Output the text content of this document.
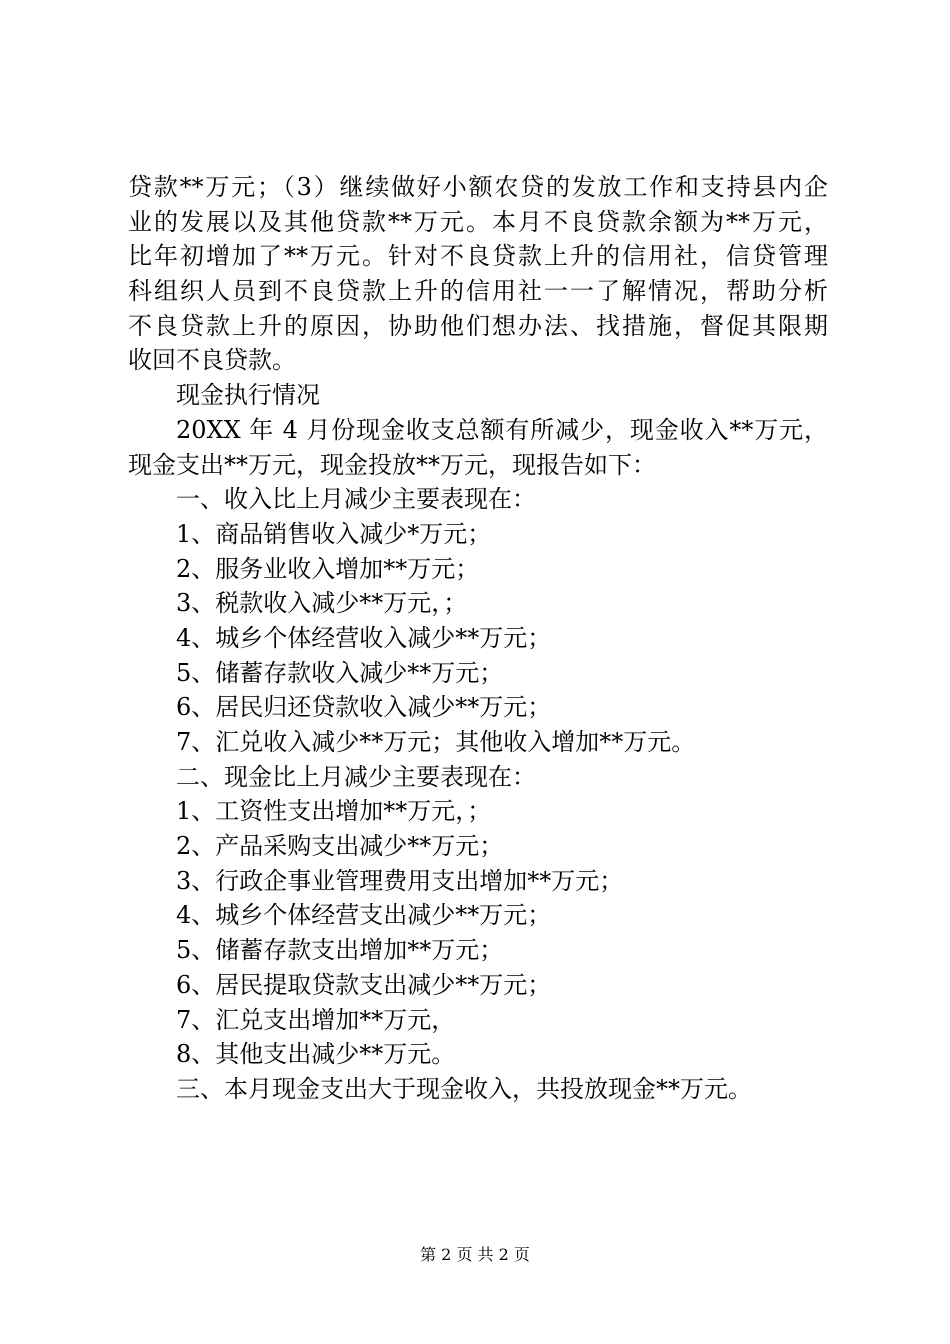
贷款**万元；（3）继续做好小额农贷的发放工作和支持县内企
业的发展以及其他贷款**万元。本月不良贷款余额为**万元，
比年初增加了**万元。针对不良贷款上升的信用社，信贷管理
科组织人员到不良贷款上升的信用社一一了解情况，帮助分析
不良贷款上升的原因，协助他们想办法、找措施，督促其限期
收回不良贷款。
现金执行情况
20XX 年 4 月份现金收支总额有所减少，现金收入**万元，
现金支出**万元，现金投放**万元，现报告如下：
一、收入比上月减少主要表现在：
1、商品销售收入减少*万元；
2、服务业收入增加**万元；
3、税款收入减少**万元，；
4、城乡个体经营收入减少**万元；
5、储蓄存款收入减少**万元；
6、居民归还贷款收入减少**万元；
7、汇兑收入减少**万元；其他收入增加**万元。
二、现金比上月减少主要表现在：
1、工资性支出增加**万元，；
2、产品采购支出减少**万元；
3、行政企事业管理费用支出增加**万元；
4、城乡个体经营支出减少**万元；
5、储蓄存款支出增加**万元；
6、居民提取贷款支出减少**万元；
7、汇兑支出增加**万元，
8、其他支出减少**万元。
三、本月现金支出大于现金收入，共投放现金**万元。
第 2 页 共 2 页
